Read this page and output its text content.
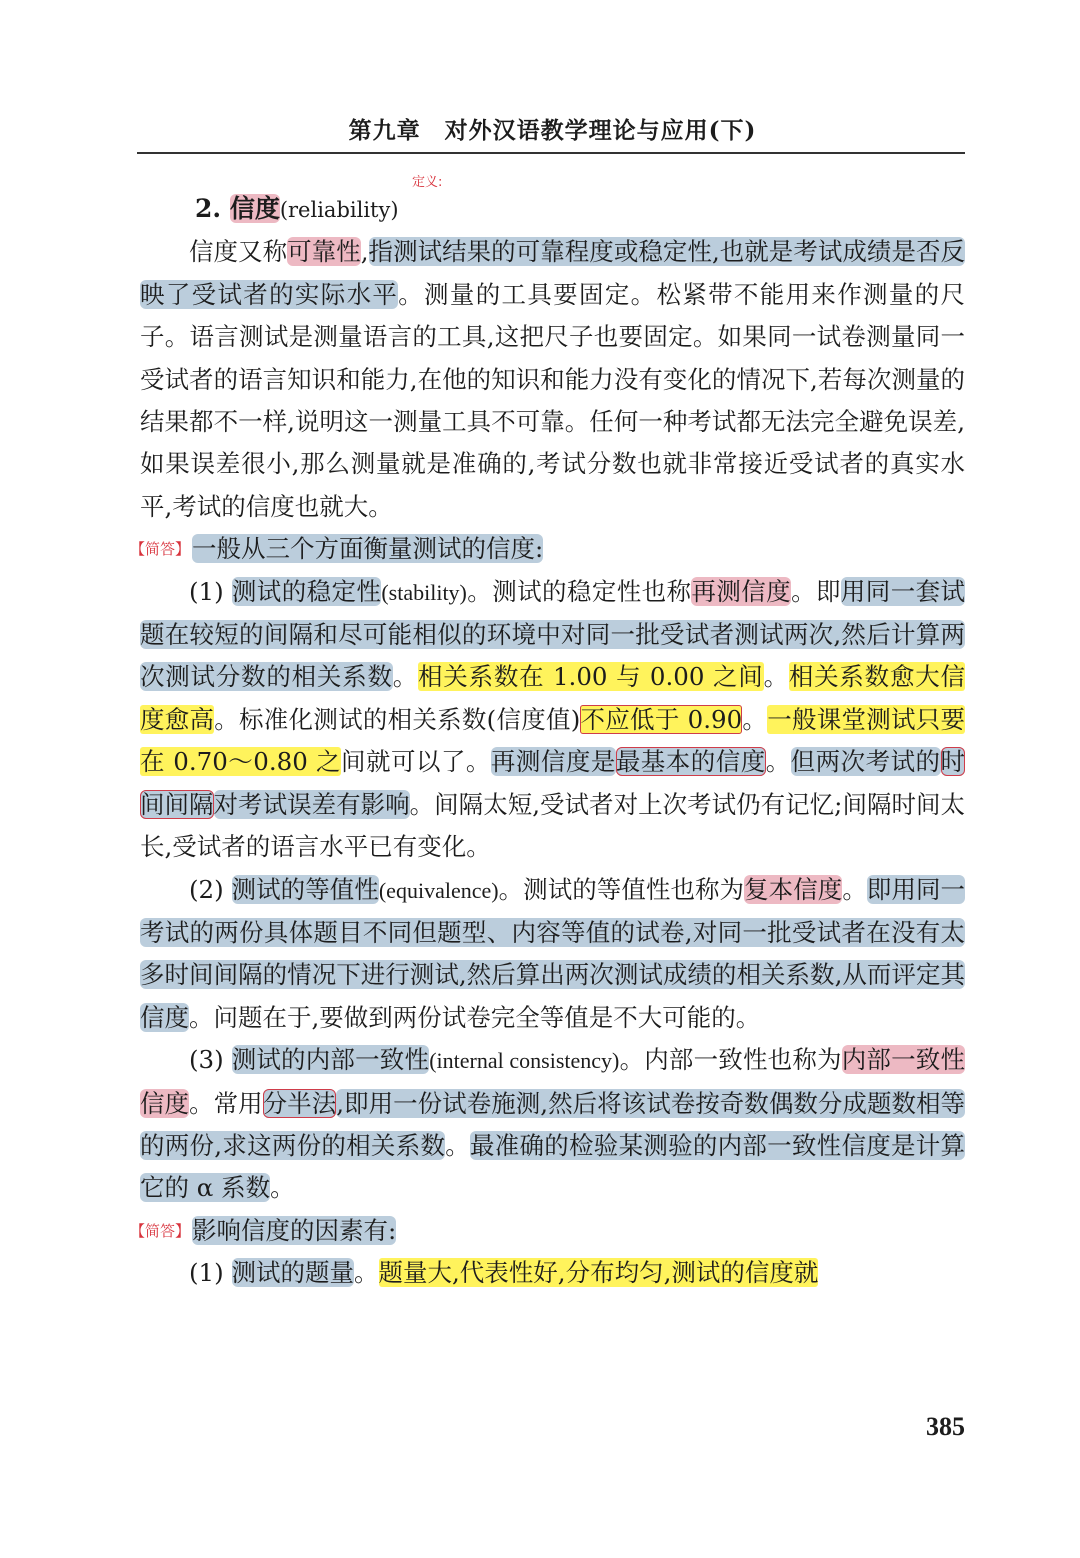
第九章　对外汉语教学理论与应用(下)

2. 信度(reliability)
定义:

信度又称可靠性,指测试结果的可靠程度或稳定性,也就是考试成绩是否反映了受试者的实际水平。测量的工具要固定。松紧带不能用来作测量的尺子。语言测试是测量语言的工具,这把尺子也要固定。如果同一试卷测量同一受试者的语言知识和能力,在他的知识和能力没有变化的情况下,若每次测量的结果都不一样,说明这一测量工具不可靠。任何一种考试都无法完全避免误差,如果误差很小,那么测量就是准确的,考试分数也就非常接近受试者的真实水平,考试的信度也就大。

【简答】一般从三个方面衡量测试的信度:

(1) 测试的稳定性(stability)。测试的稳定性也称再测信度。即用同一套试题在较短的间隔和尽可能相似的环境中对同一批受试者测试两次,然后计算两次测试分数的相关系数。相关系数在 1.00 与 0.00 之间。相关系数愈大信度愈高。标准化测试的相关系数(信度值)不应低于 0.90。一般课堂测试只要在 0.70～0.80 之间就可以了。再测信度是最基本的信度。但两次考试的时间间隔对考试误差有影响。间隔太短,受试者对上次考试仍有记忆;间隔时间太长,受试者的语言水平已有变化。

(2) 测试的等值性(equivalence)。测试的等值性也称为复本信度。即用同一考试的两份具体题目不同但题型、内容等值的试卷,对同一批受试者在没有太多时间间隔的情况下进行测试,然后算出两次测试成绩的相关系数,从而评定其信度。问题在于,要做到两份试卷完全等值是不大可能的。

(3) 测试的内部一致性(internal consistency)。内部一致性也称为内部一致性信度。常用分半法,即用一份试卷施测,然后将该试卷按奇数偶数分成题数相等的两份,求这两份的相关系数。最准确的检验某测验的内部一致性信度是计算它的 α 系数。

【简答】影响信度的因素有:

(1) 测试的题量。题量大,代表性好,分布均匀,测试的信度就

385
